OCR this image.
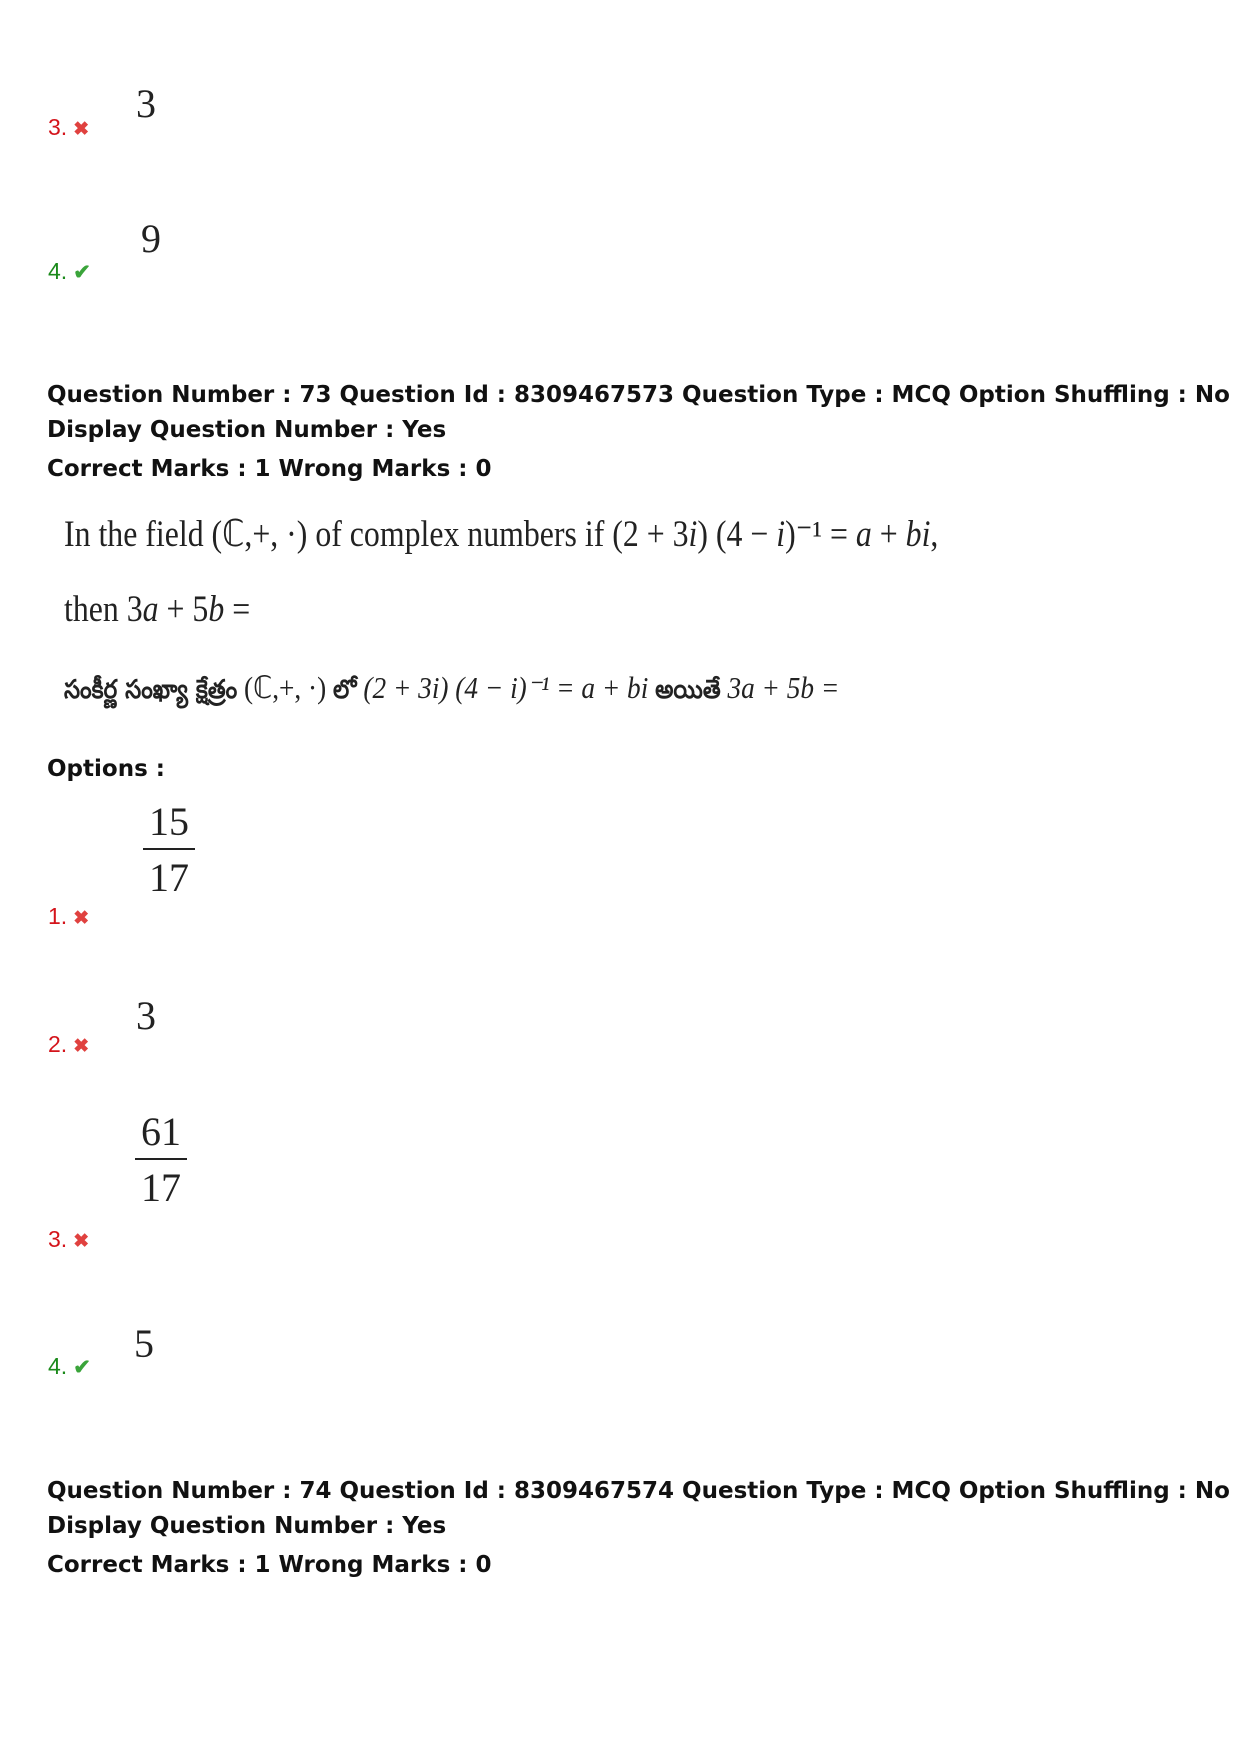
3
3. ✖
9
4. ✔
Question Number : 73 Question Id : 8309467573 Question Type : MCQ Option Shuffling : No
Display Question Number : Yes
Correct Marks : 1 Wrong Marks : 0
In the field (ℂ,+, ·) of complex numbers if (2 + 3i) (4 − i)⁻¹ = a + bi,
then 3a + 5b =
సంకీర్ణ సంఖ్యా క్షేత్రం (ℂ,+, ·) లో (2 + 3i) (4 − i)⁻¹ = a + bi అయితే 3a + 5b =
Options :
15
17
1. ✖
3
2. ✖
61
17
3. ✖
5
4. ✔
Question Number : 74 Question Id : 8309467574 Question Type : MCQ Option Shuffling : No
Display Question Number : Yes
Correct Marks : 1 Wrong Marks : 0
